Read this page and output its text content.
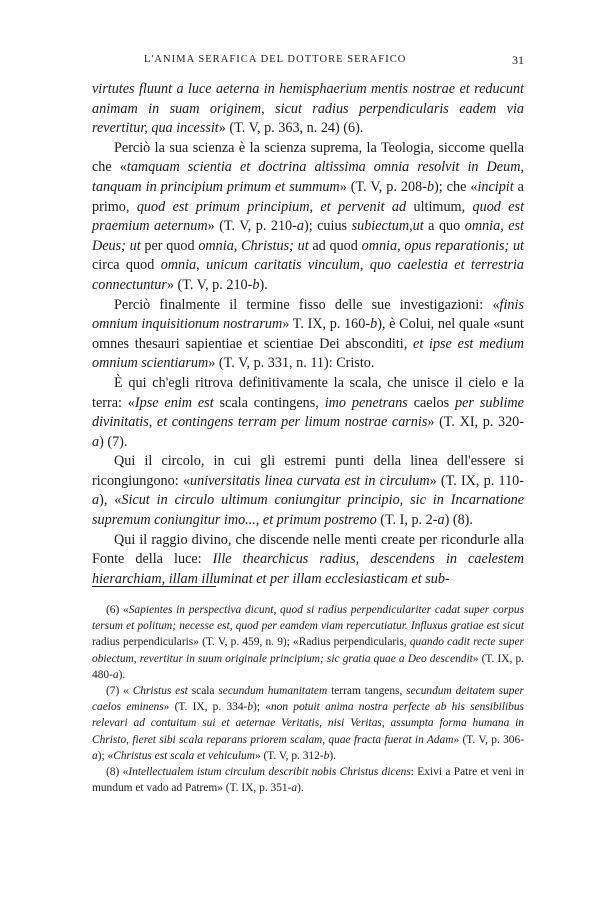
L'ANIMA SERAFICA DEL DOTTORE SERAFICO	31

virtutes fluunt a luce aeterna in hemisphaerium mentis nostrae et reducunt animam in suam originem, sicut radius perpendicularis eadem via revertitur, qua incessit» (T. V, p. 363, n. 24) (6).

Perciò la sua scienza è la scienza suprema, la Teologia, siccome quella che «tamquam scientia et doctrina altissima omnia resolvit in Deum, tanquam in principium primum et summum» (T. V, p. 208-b); che «incipit a primo, quod est primum principium, et pervenit ad ultimum, quod est praemium aeternum» (T. V, p. 210-a); cuius subiectum,ut a quo omnia, est Deus; ut per quod omnia, Christus; ut ad quod omnia, opus reparationis; ut circa quod omnia, unicum caritatis vinculum, quo caelestia et terrestria connectuntur» (T. V, p. 210-b).

Perciò finalmente il termine fisso delle sue investigazioni: «finis omnium inquisitionum nostrarum» T. IX, p. 160-b), è Colui, nel quale «sunt omnes thesauri sapientiae et scientiae Dei absconditi, et ipse est medium omnium scientiarum» (T. V, p. 331, n. 11): Cristo.

È qui ch'egli ritrova definitivamente la scala, che unisce il cielo e la terra: «Ipse enim est scala contingens, imo penetrans caelos per sublime divinitatis, et contingens terram per limum nostrae carnis» (T. XI, p. 320-a) (7).

Qui il circolo, in cui gli estremi punti della linea dell'essere si ricongiungono: «universitatis linea curvata est in circulum» (T. IX, p. 110-a), «Sicut in circulo ultimum coniungitur principio, sic in Incarnatione supremum coniungitur imo..., et primum postremo (T. I, p. 2-a) (8).

Qui il raggio divino, che discende nelle menti create per ricondurle alla Fonte della luce: Ille thearchicus radius, descendens in caelestem hierarchiam, illam illuminat et per illam ecclesiasticam et sub-

(6) «Sapientes in perspectiva dicunt, quod si radius perpendiculariter cadat super corpus tersum et politum; necesse est, quod per eamdem viam repercutiatur. Influxus gratiae est sicut radius perpendicularis» (T. V, p. 459, n. 9); «Radius perpendicularis, quando cadit recte super obiectum, revertitur in suum originale principium; sic gratia quae a Deo descendit» (T. IX, p. 480-a).

(7) « Christus est scala secundum humanitatem terram tangens, secundum deitatem super caelos eminens» (T. IX, p. 334-b); «non potuit anima nostra perfecte ab his sensibilibus relevari ad contuitum sui et aeternae Veritatis, nisi Veritas, assumpta forma humana in Christo, fieret sibi scala reparans priorem scalam, quae fracta fuerat in Adam» (T. V, p. 306-a); «Christus est scala et vehiculum» (T. V, p. 312-b).

(8) «Intellectualem istum circulum describit nobis Christus dicens: Exivi a Patre et veni in mundum et vado ad Patrem» (T. IX, p. 351-a).
